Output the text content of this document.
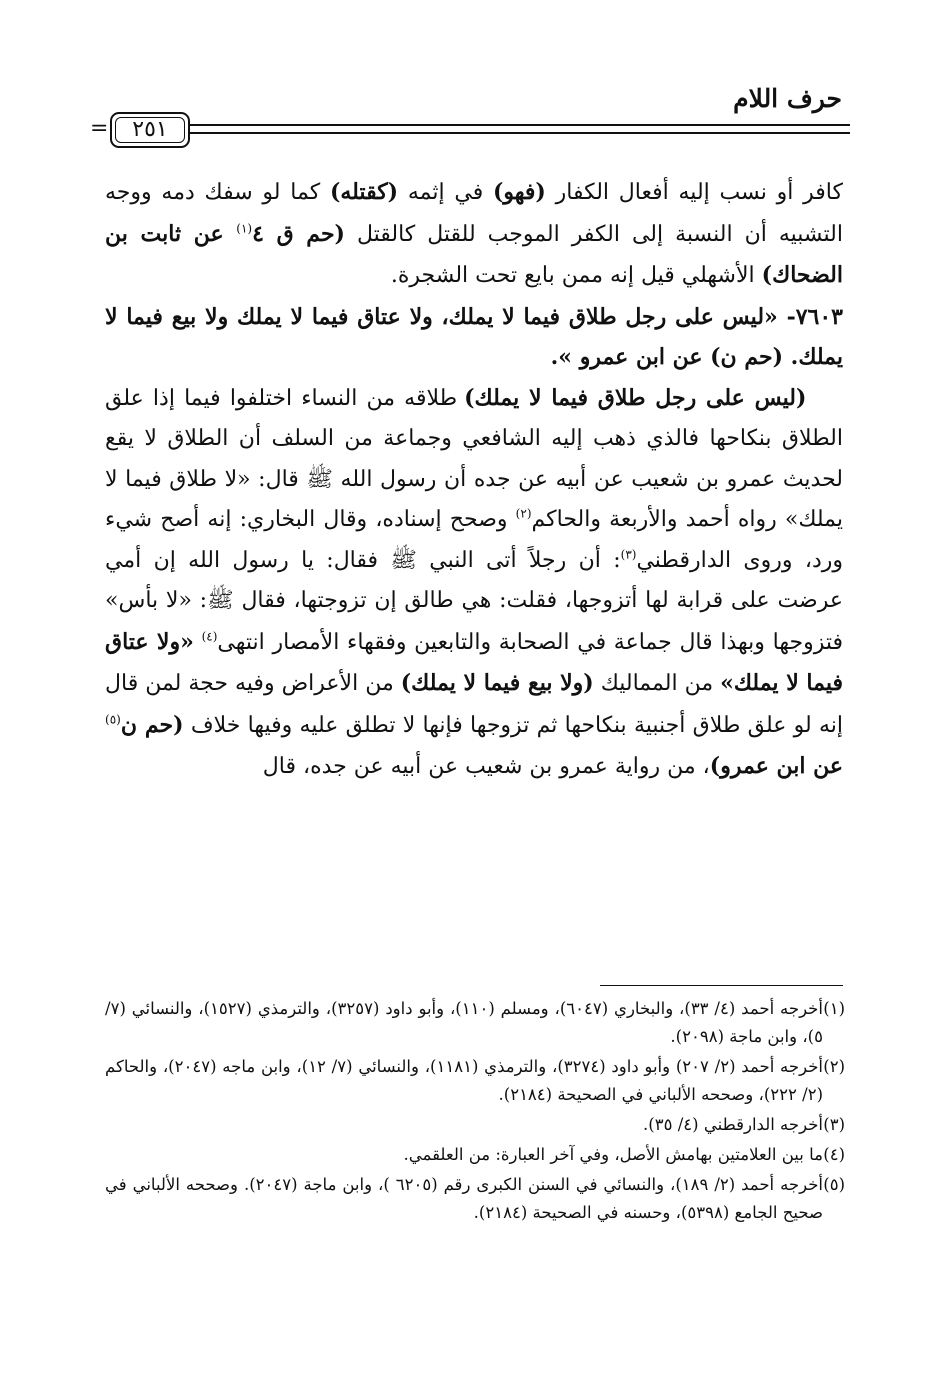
حرف اللام
٢٥١
=

كافر أو نسب إليه أفعال الكفار (فهو) في إثمه (كقتله) كما لو سفك دمه ووجه التشبيه أن النسبة إلى الكفر الموجب للقتل كالقتل (حم ق ٤$^{(١)}$ عن ثابت بن الضحاك) الأشهلي قيل إنه ممن بايع تحت الشجرة.

٧٦٠٣- «ليس على رجل طلاق فيما لا يملك، ولا عتاق فيما لا يملك ولا بيع فيما لا يملك. (حم ن) عن ابن عمرو ».

(ليس على رجل طلاق فيما لا يملك) طلاقه من النساء اختلفوا فيما إذا علق الطلاق بنكاحها فالذي ذهب إليه الشافعي وجماعة من السلف أن الطلاق لا يقع لحديث عمرو بن شعيب عن أبيه عن جده أن رسول الله ﷺ قال: «لا طلاق فيما لا يملك» رواه أحمد والأربعة والحاكم$^{(٢)}$ وصحح إسناده، وقال البخاري: إنه أصح شيء ورد، وروى الدارقطني$^{(٣)}$: أن رجلاً أتى النبي ﷺ فقال: يا رسول الله إن أمي عرضت على قرابة لها أتزوجها، فقلت: هي طالق إن تزوجتها، فقال ﷺ: «لا بأس» فتزوجها وبهذا قال جماعة في الصحابة والتابعين وفقهاء الأمصار انتهى$^{(٤)}$ «ولا عتاق فيما لا يملك» من المماليك (ولا بيع فيما لا يملك) من الأعراض وفيه حجة لمن قال إنه لو علق طلاق أجنبية بنكاحها ثم تزوجها فإنها لا تطلق عليه وفيها خلاف (حم ن$^{(٥)}$ عن ابن عمرو)، من رواية عمرو بن شعيب عن أبيه عن جده، قال

(١)
أخرجه أحمد (٤/ ٣٣)، والبخاري (٦٠٤٧)، ومسلم (١١٠)، وأبو داود (٣٢٥٧)، والترمذي (١٥٢٧)، والنسائي (٧/ ٥)، وابن ماجة (٢٠٩٨).

(٢)
أخرجه أحمد (٢/ ٢٠٧) وأبو داود (٣٢٧٤)، والترمذي (١١٨١)، والنسائي (٧/ ١٢)، وابن ماجه (٢٠٤٧)، والحاكم (٢/ ٢٢٢)، وصححه الألباني في الصحيحة (٢١٨٤).

(٣)
أخرجه الدارقطني (٤/ ٣٥).

(٤)
ما بين العلامتين بهامش الأصل، وفي آخر العبارة: من العلقمي.

(٥)
أخرجه أحمد (٢/ ١٨٩)، والنسائي في السنن الكبرى رقم (٦٢٠٥ )، وابن ماجة (٢٠٤٧). وصححه الألباني في صحيح الجامع (٥٣٩٨)، وحسنه في الصحيحة (٢١٨٤).
